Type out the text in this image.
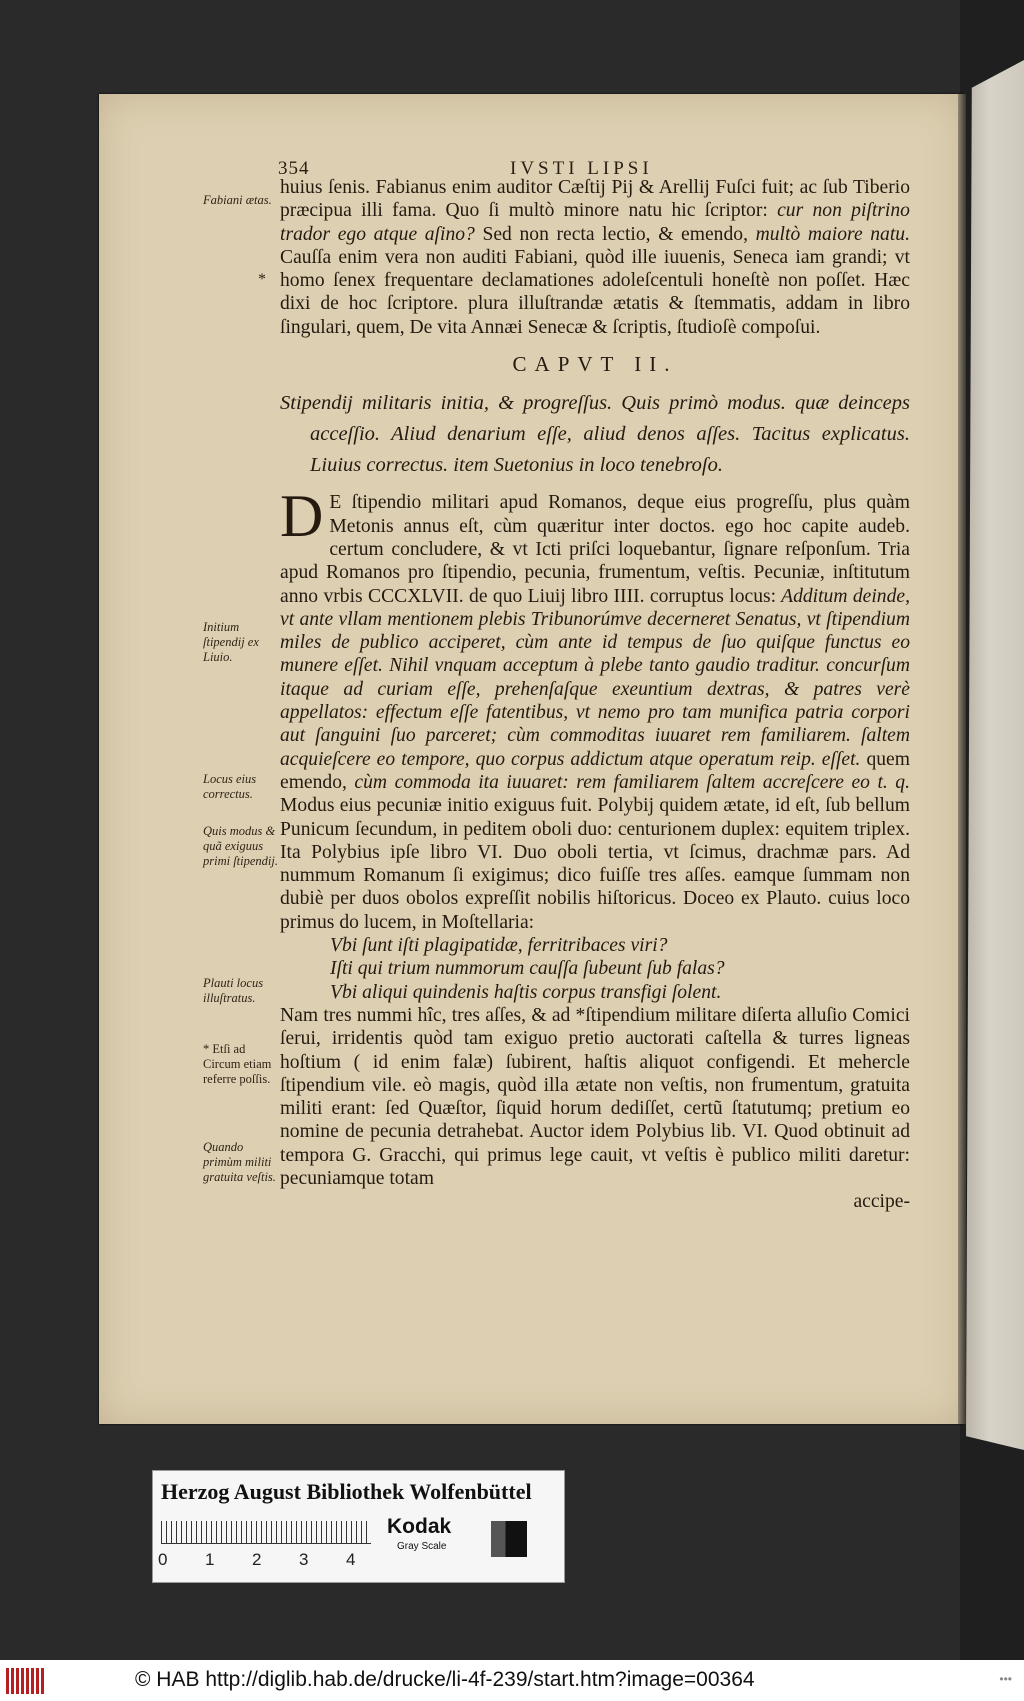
354	IVSTI LIPSI

huius ſenis. Fabianus enim auditor Cæſtij Pij & Arellij Fuſci fuit; ac ſub Tiberio præcipua illi fama. Quo ſi multò minore natu hic ſcriptor: cur non piſtrino trador ego atque aſino? Sed non recta lectio, & emendo, multò maiore natu. Cauſſa enim vera non auditi Fabiani, quòd ille iuuenis, Seneca iam grandi; vt homo ſenex frequentare declamationes adoleſcentuli honeſtè non poſſet. Hæc dixi de hoc ſcriptore. plura illuſtrandæ ætatis & ſtemmatis, addam in libro ſingulari, quem, De vita Annæi Senecæ & ſcriptis, ſtudioſè compoſui.

CAPVT II.

Stipendij militaris initia, & progreſſus. Quis primò modus. quæ deinceps acceſſio. Aliud denarium eſſe, aliud denos aſſes. Tacitus explicatus. Liuius correctus. item Suetonius in loco tenebroſo.

D E ſtipendio militari apud Romanos, deque eius progreſſu, plus quàm Metonis annus eſt, cùm quæritur inter doctos. ego hoc capite audeb. certum concludere, & vt Icti priſci loquebantur, ſignare reſponſum. Tria apud Romanos pro ſtipendio, pecunia, frumentum, veſtis. Pecuniæ, inſtitutum anno vrbis CCCXLVII. de quo Liuij libro IIII. corruptus locus: Additum deinde, vt ante vllam mentionem plebis Tribunorúmve decerneret Senatus, vt ſtipendium miles de publico acciperet, cùm ante id tempus de ſuo quiſque functus eo munere eſſet. Nihil vnquam acceptum à plebe tanto gaudio traditur. concurſum itaque ad curiam eſſe, prehenſaſque exeuntium dextras, & patres verè appellatos: effectum eſſe fatentibus, vt nemo pro tam munifica patria corpori aut ſanguini ſuo parceret; cùm commoditas iuuaret rem familiarem. ſaltem acquieſcere eo tempore, quo corpus addictum atque operatum reip. eſſet. quem emendo, cùm commoda ita iuuaret: rem familiarem ſaltem accreſcere eo t. q. Modus eius pecuniæ initio exiguus fuit. Polybij quidem ætate, id eſt, ſub bellum Punicum ſecundum, in peditem oboli duo: centurionem duplex: equitem triplex. Ita Polybius ipſe libro VI. Duo oboli tertia, vt ſcimus, drachmæ pars. Ad nummum Romanum ſi exigimus; dico fuiſſe tres aſſes. eamque ſummam non dubiè per duos obolos expreſſit nobilis hiſtoricus. Doceo ex Plauto. cuius loco primus do lucem, in Moſtellaria:

Vbi ſunt iſti plagipatidæ, ferritribaces viri?

Iſti qui trium nummorum cauſſa ſubeunt ſub falas?

Vbi aliqui quindenis haſtis corpus transfigi ſolent.

Nam tres nummi hîc, tres aſſes, & ad *ſtipendium militare diſerta alluſio Comici ſerui, irridentis quòd tam exiguo pretio auctorati caſtella & turres ligneas hoſtium ( id enim falæ) ſubirent, haſtis aliquot configendi. Et mehercle ſtipendium vile. eò magis, quòd illa ætate non veſtis, non frumentum, gratuita militi erant: ſed Quæſtor, ſiquid horum dediſſet, certũ ſtatutumq; pretium eo nomine de pecunia detrahebat. Auctor idem Polybius lib. VI. Quod obtinuit ad tempora G. Gracchi, qui primus lege cauit, vt veſtis è publico militi daretur: pecuniamque totam

accipe-

Fabiani ætas.
*
Initium ſtipendij ex Liuio.
Locus eius correctus.
Quis modus & quã exiguus primi ſtipendij.
Plauti locus illuſtratus.
* Etſi ad Circum etiam referre poſſis.
Quando primùm militi gratuita veſtis.
Herzog August Bibliothek Wolfenbüttel
0 1 2 3 4
Kodak
Gray Scale
© HAB http://diglib.hab.de/drucke/li-4f-239/start.htm?image=00364	•••
